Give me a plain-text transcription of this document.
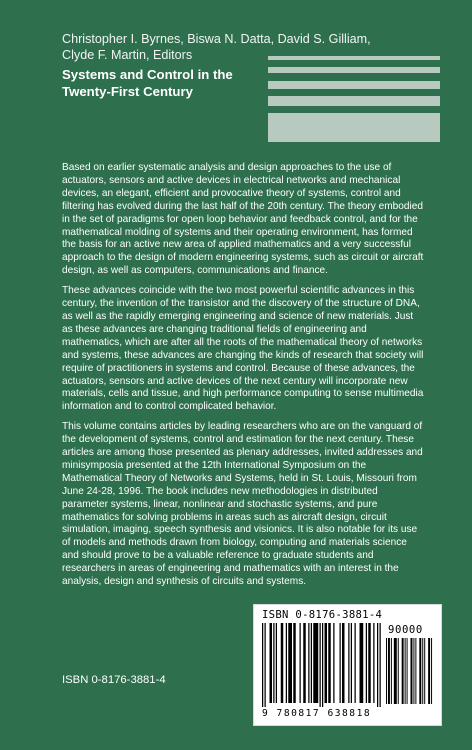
Christopher I. Byrnes, Biswa N. Datta, David S. Gilliam, Clyde F. Martin, Editors
Systems and Control in the
Twenty-First Century

Based on earlier systematic analysis and design approaches to the use of actuators, sensors and active devices in electrical networks and mechanical devices, an elegant, efficient and provocative theory of systems, control and filtering has evolved during the last half of the 20th century. The theory embodied in the set of paradigms for open loop behavior and feedback control, and for the mathematical molding of systems and their operating environment, has formed the basis for an active new area of applied mathematics and a very successful approach to the design of modern engineering systems, such as circuit or aircraft design, as well as computers, communications and finance.

These advances coincide with the two most powerful scientific advances in this century, the invention of the transistor and the discovery of the structure of DNA, as well as the rapidly emerging engineering and science of new materials. Just as these advances are changing traditional fields of engineering and mathematics, which are after all the roots of the mathematical theory of networks and systems, these advances are changing the kinds of research that society will require of practitioners in systems and control. Because of these advances, the actuators, sensors and active devices of the next century will incorporate new materials, cells and tissue, and high performance computing to sense multimedia information and to control complicated behavior.

This volume contains articles by leading researchers who are on the vanguard of the development of systems, control and estimation for the next century. These articles are among those presented as plenary addresses, invited addresses and minisymposia presented at the 12th International Symposium on the Mathematical Theory of Networks and Systems, held in St. Louis, Missouri from June 24-28, 1996. The book includes new methodologies in distributed parameter systems, linear, nonlinear and stochastic systems, and pure mathematics for solving problems in areas such as aircraft design, circuit simulation, imaging, speech synthesis and visionics. It is also notable for its use of models and methods drawn from biology, computing and materials science and should prove to be a valuable reference to graduate students and researchers in areas of engineering and mathematics with an interest in the analysis, design and synthesis of circuits and systems.

ISBN 0-8176-3881-4
ISBN 0-8176-3881-4
90000
9 780817 638818
